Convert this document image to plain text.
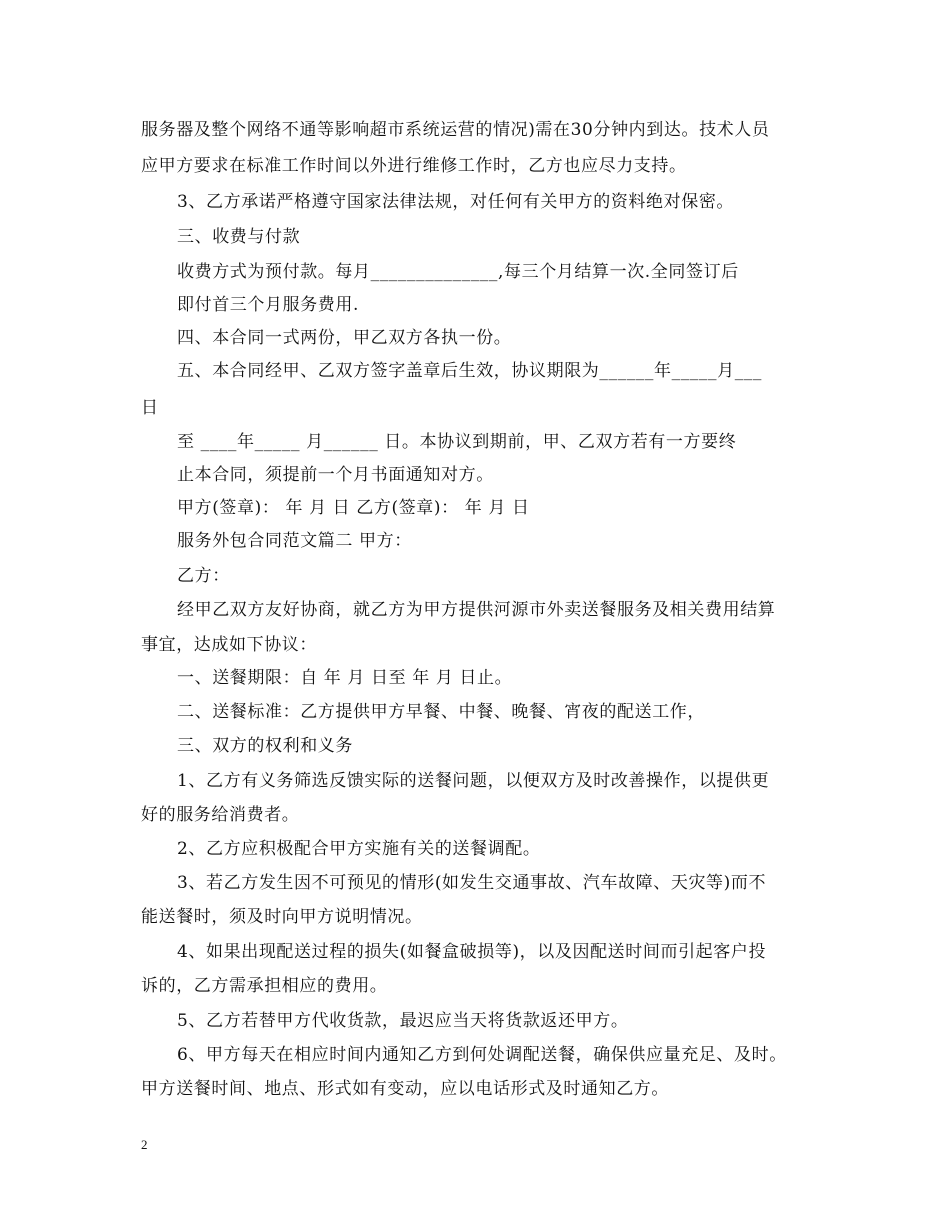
服务器及整个网络不通等影响超市系统运营的情况)需在30分钟内到达。技术人员
应甲方要求在标准工作时间以外进行维修工作时，乙方也应尽力支持。
3、乙方承诺严格遵守国家法律法规，对任何有关甲方的资料绝对保密。
三、收费与付款
收费方式为预付款。每月______________,每三个月结算一次.全同签订后
即付首三个月服务费用.
四、本合同一式两份，甲乙双方各执一份。
五、本合同经甲、乙双方签字盖章后生效，协议期限为______年_____月___
日
至 ____年_____ 月______ 日。本协议到期前，甲、乙双方若有一方要终
止本合同，须提前一个月书面通知对方。
甲方(签章)： 年 月 日 乙方(签章)： 年 月 日
服务外包合同范文篇二 甲方：
乙方：
经甲乙双方友好协商，就乙方为甲方提供河源市外卖送餐服务及相关费用结算
事宜，达成如下协议：
一、送餐期限：自 年 月 日至 年 月 日止。
二、送餐标准：乙方提供甲方早餐、中餐、晚餐、宵夜的配送工作，
三、双方的权利和义务
1、乙方有义务筛选反馈实际的送餐问题，以便双方及时改善操作，以提供更
好的服务给消费者。
2、乙方应积极配合甲方实施有关的送餐调配。
3、若乙方发生因不可预见的情形(如发生交通事故、汽车故障、天灾等)而不
能送餐时，须及时向甲方说明情况。
4、如果出现配送过程的损失(如餐盒破损等)，以及因配送时间而引起客户投
诉的，乙方需承担相应的费用。
5、乙方若替甲方代收货款，最迟应当天将货款返还甲方。
6、甲方每天在相应时间内通知乙方到何处调配送餐，确保供应量充足、及时。
甲方送餐时间、地点、形式如有变动，应以电话形式及时通知乙方。
2
